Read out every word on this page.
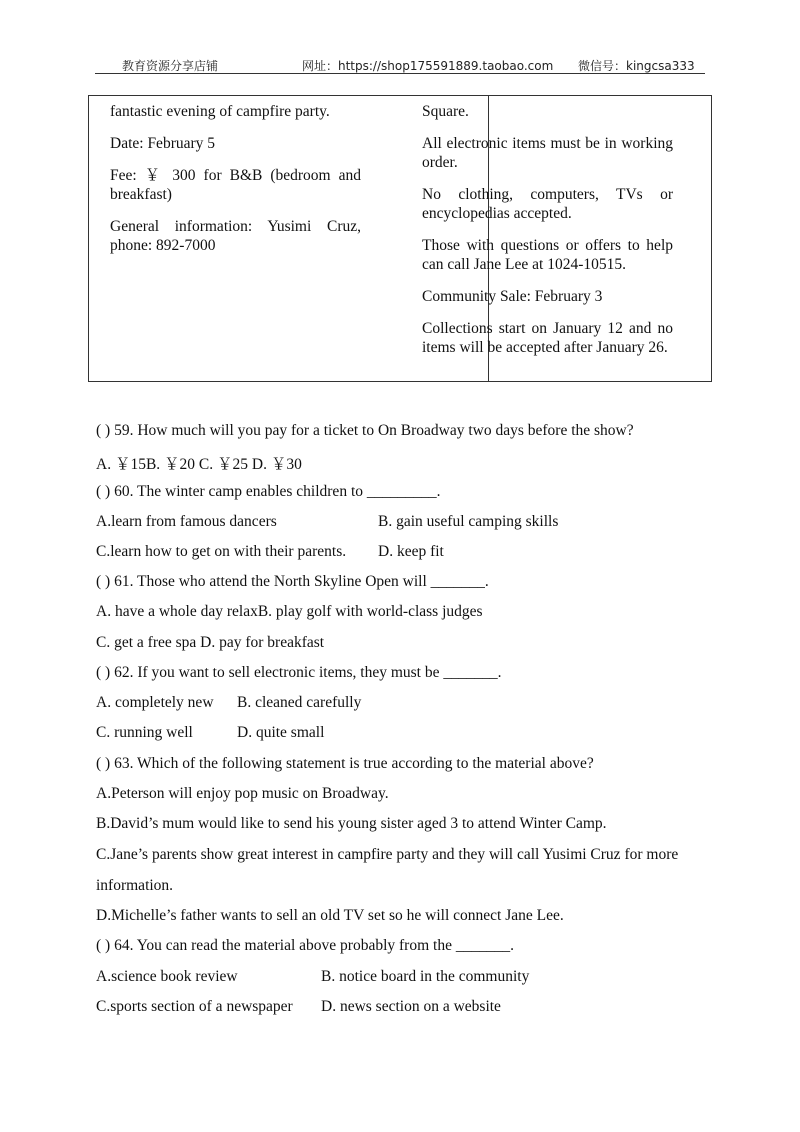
教育资源分享店铺	网址：https://shop175591889.taobao.com 微信号：kingcsa333

fantastic evening of campfire party.

Date: February 5

Fee: ￥ 300 for B&B (bedroom and breakfast)

General information: Yusimi Cruz, phone: 892-7000

Square.

All electronic items must be in working order.

No clothing, computers, TVs or encyclopedias accepted.

Those with questions or offers to help can call Jane Lee at 1024-10515.

Community Sale: February 3

Collections start on January 12 and no items will be accepted after January 26.

( ) 59. How much will you pay for a ticket to On Broadway two days before the show?
A. ￥15B. ￥20 C. ￥25 D. ￥30
( ) 60. The winter camp enables children to _________.
A.learn from famous dancers	B. gain useful camping skills
C.learn how to get on with their parents. D. keep fit
( ) 61. Those who attend the North Skyline Open will _______.
A. have a whole day relaxB. play golf with world-class judges
C. get a free spa D. pay for breakfast
( ) 62. If you want to sell electronic items, they must be _______.
A. completely new B. cleaned carefully
C. running well	D. quite small
( ) 63. Which of the following statement is true according to the material above?
A.Peterson will enjoy pop music on Broadway.
B.David’s mum would like to send his young sister aged 3 to attend Winter Camp.
C.Jane’s parents show great interest in campfire party and they will call Yusimi Cruz for more
information.
D.Michelle’s father wants to sell an old TV set so he will connect Jane Lee.
( ) 64. You can read the material above probably from the _______.
A.science book review	B. notice board in the community
C.sports section of a newspaper D. news section on a website
